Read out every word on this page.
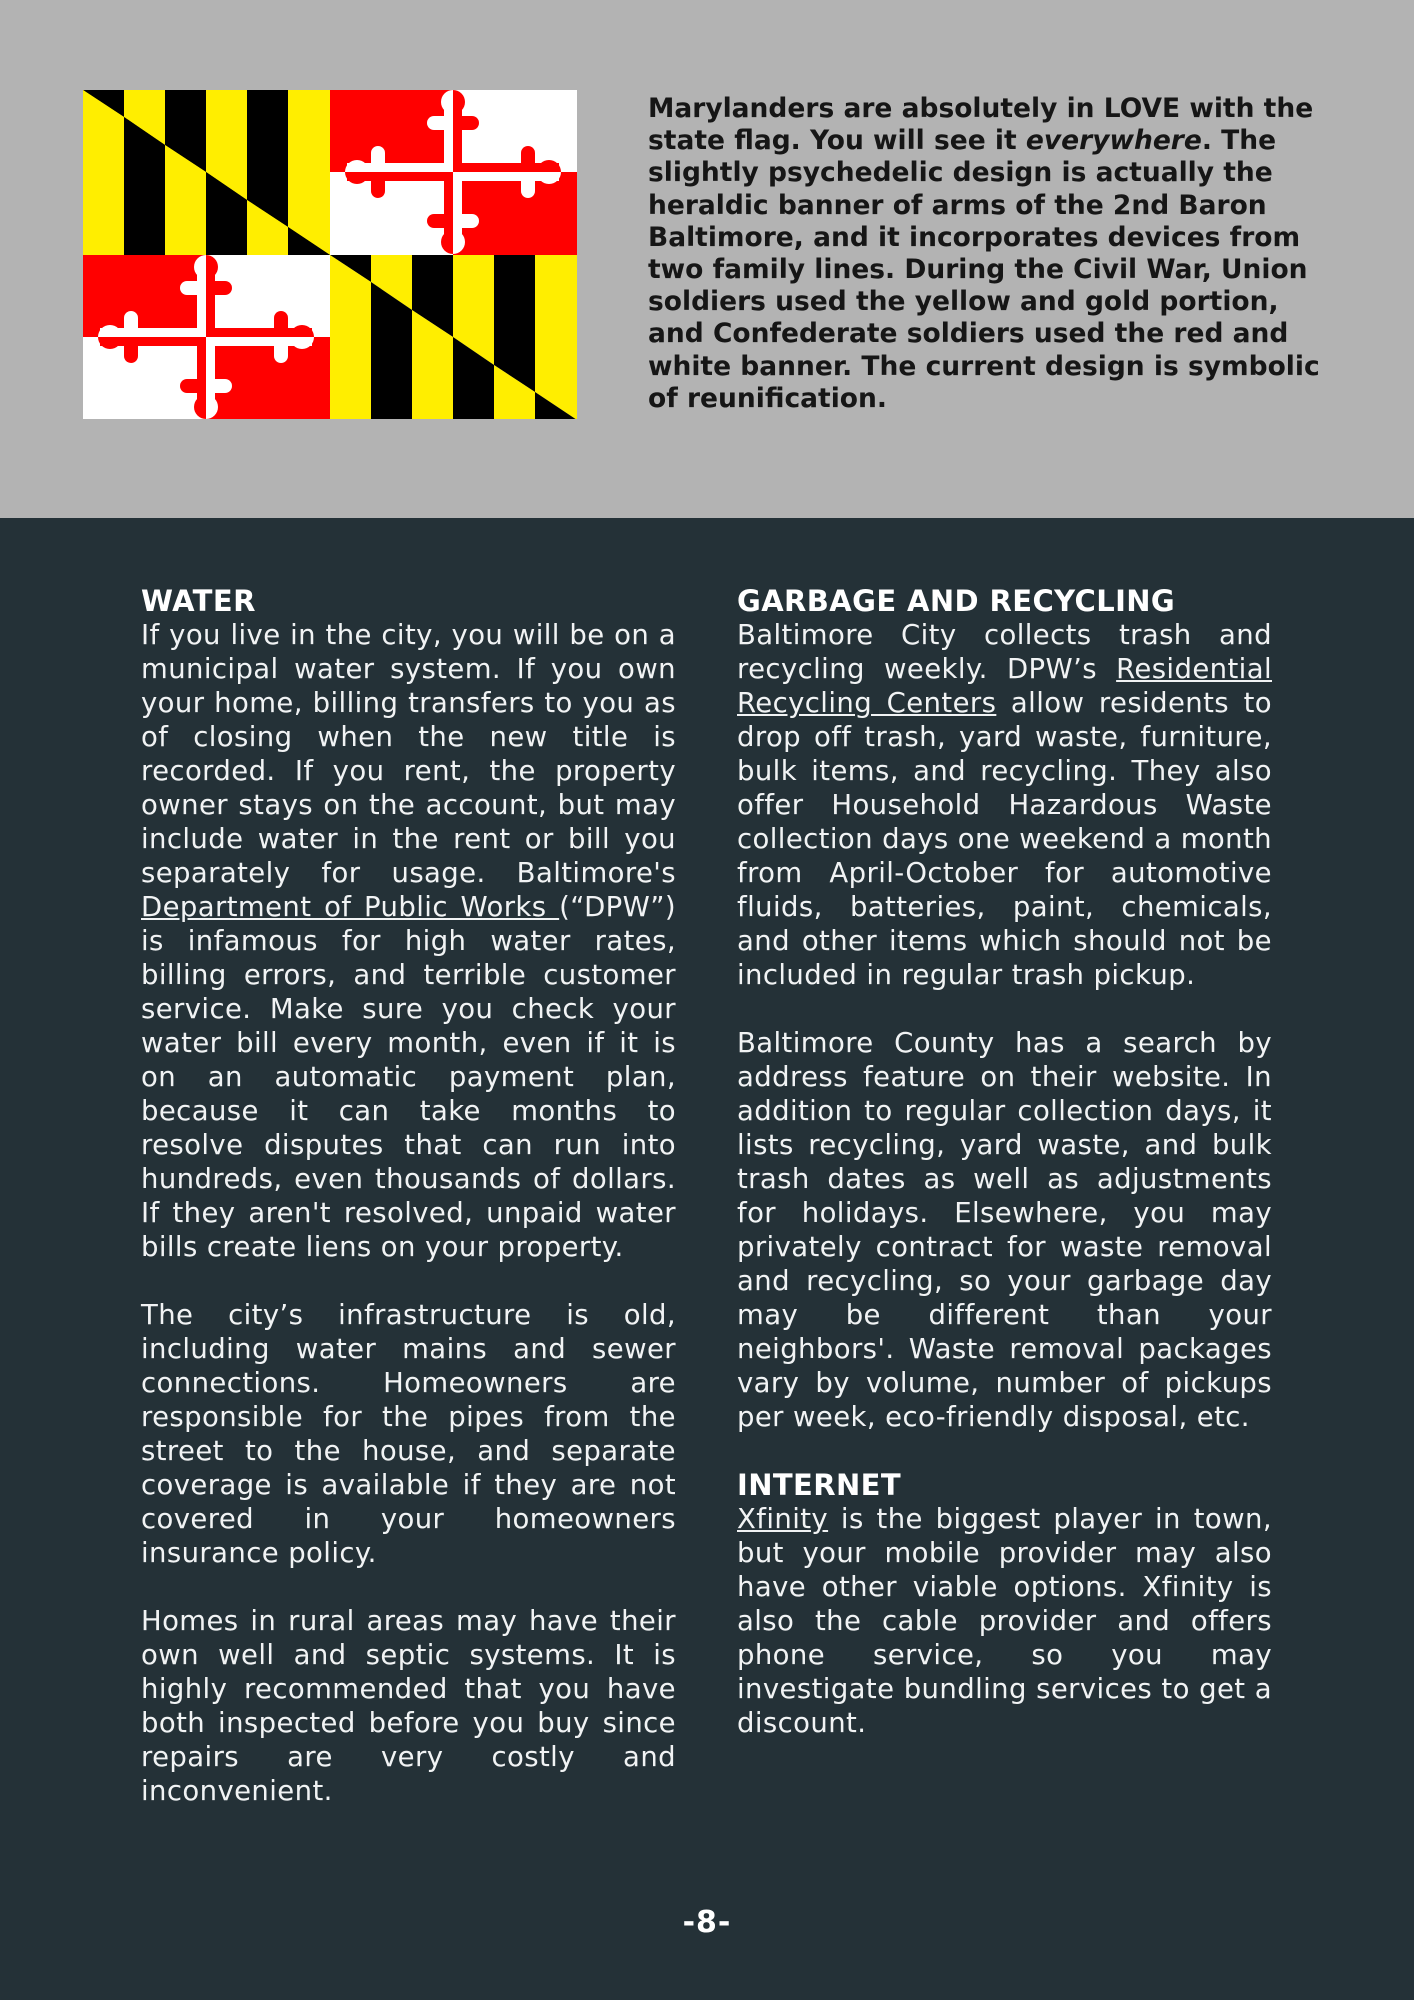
Marylanders are absolutely in LOVE with the state flag. You will see it everywhere. The slightly psychedelic design is actually the heraldic banner of arms of the 2nd Baron Baltimore, and it incorporates devices from two family lines. During the Civil War, Union soldiers used the yellow and gold portion, and Confederate soldiers used the red and white banner. The current design is symbolic of reunification.

WATER

If you live in the city, you will be on a municipal water system. If you own your home, billing transfers to you as of closing when the new title is recorded. If you rent, the property owner stays on the account, but may include water in the rent or bill you separately for usage. Baltimore's Department of Public Works (“DPW”) is infamous for high water rates, billing errors, and terrible customer service. Make sure you check your water bill every month, even if it is on an automatic payment plan, because it can take months to resolve disputes that can run into hundreds, even thousands of dollars. If they aren't resolved, unpaid water bills create liens on your property.

The city’s infrastructure is old, including water mains and sewer connections. Homeowners are responsible for the pipes from the street to the house, and separate coverage is available if they are not covered in your homeowners insurance policy.

Homes in rural areas may have their own well and septic systems. It is highly recommended that you have both inspected before you buy since repairs are very costly and inconvenient.

GARBAGE AND RECYCLING

Baltimore City collects trash and recycling weekly. DPW’s Residential Recycling Centers allow residents to drop off trash, yard waste, furniture, bulk items, and recycling. They also offer Household Hazardous Waste collection days one weekend a month from April-October for automotive fluids, batteries, paint, chemicals, and other items which should not be included in regular trash pickup.

Baltimore County has a search by address feature on their website. In addition to regular collection days, it lists recycling, yard waste, and bulk trash dates as well as adjustments for holidays. Elsewhere, you may privately contract for waste removal and recycling, so your garbage day may be different than your neighbors'. Waste removal packages vary by volume, number of pickups per week, eco-friendly disposal, etc.

INTERNET

Xfinity is the biggest player in town, but your mobile provider may also have other viable options. Xfinity is also the cable provider and offers phone service, so you may investigate bundling services to get a discount.

-8-
